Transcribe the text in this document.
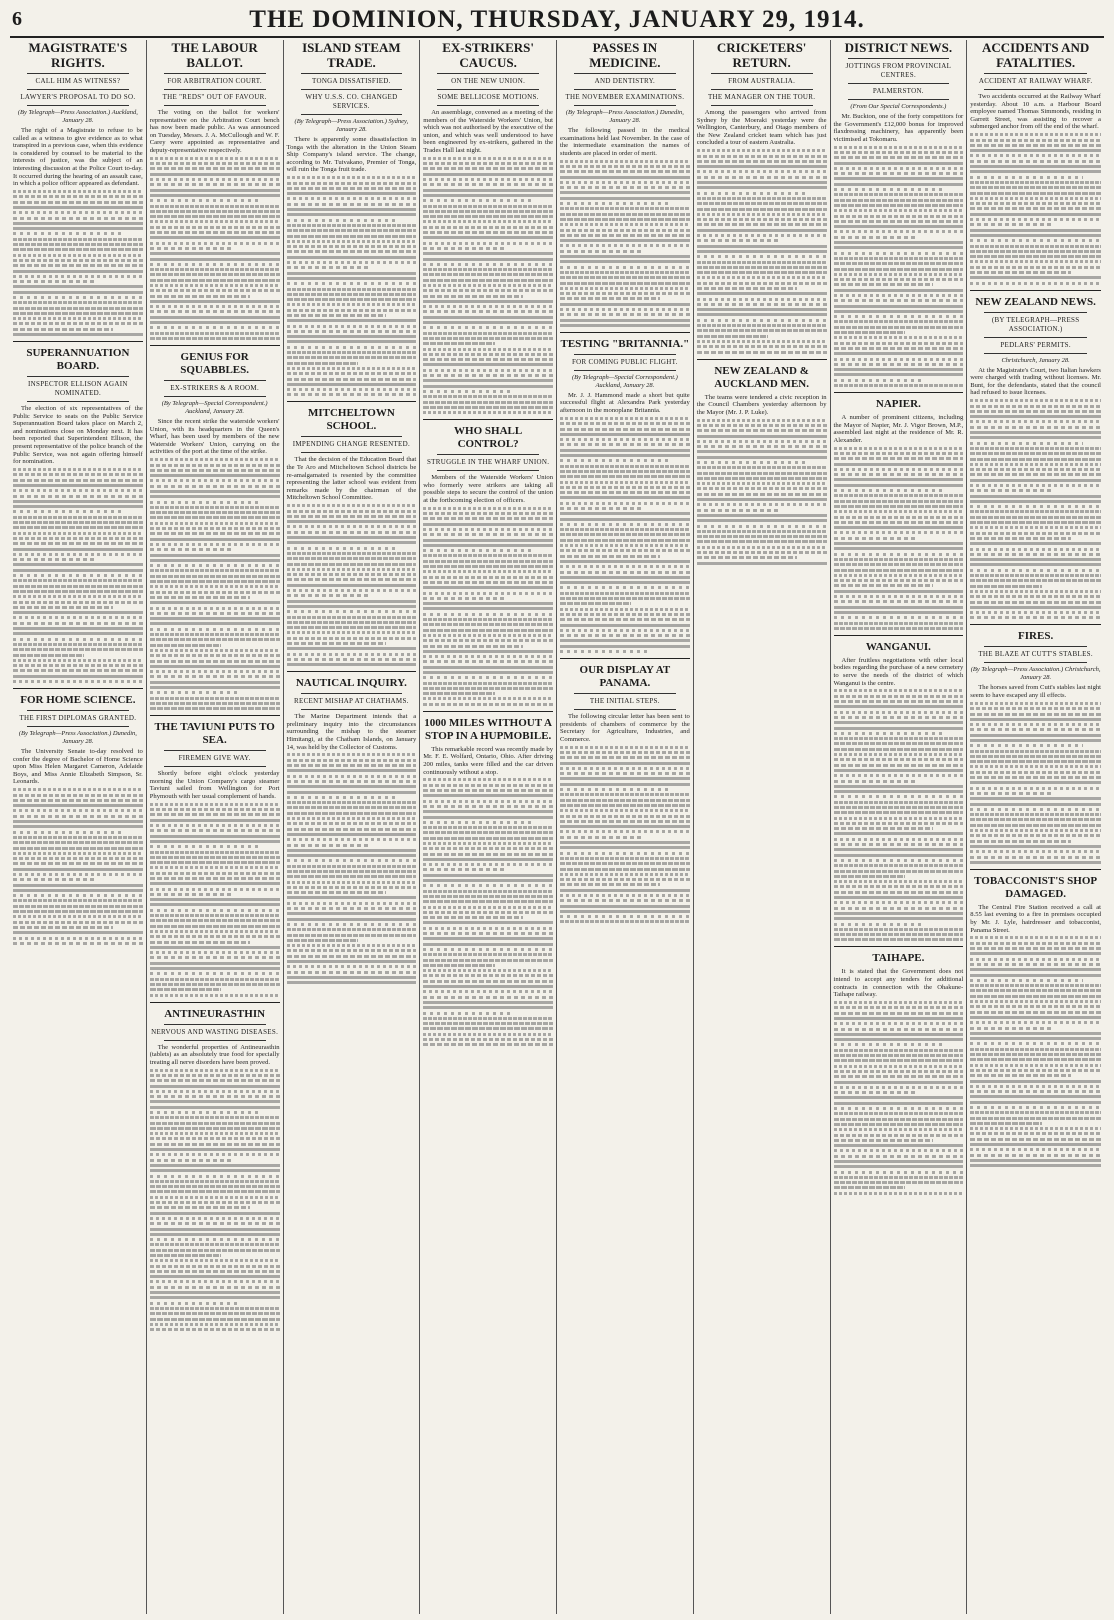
6	THE DOMINION, THURSDAY, JANUARY 29, 1914.
MAGISTRATE'S RIGHTS.
CALL HIM AS WITNESS?
LAWYER'S PROPOSAL TO DO SO.
(By Telegraph—Press Association.) Auckland, January 28.

The right of a Magistrate to refuse to be called as a witness to give evidence as to what transpired in a previous case, when this evidence is considered by counsel to be material to the interests of justice, was the subject of an interesting discussion at the Police Court to-day. It occurred during the hearing of an assault case, in which a police officer appeared as defendant.

SUPERANNUATION BOARD.
INSPECTOR ELLISON AGAIN NOMINATED.

The election of six representatives of the Public Service to seats on the Public Service Superannuation Board takes place on March 2, and nominations close on Monday next. It has been reported that Superintendent Ellison, the present representative of the police branch of the Public Service, was not again offering himself for nomination.

FOR HOME SCIENCE.
THE FIRST DIPLOMAS GRANTED.
(By Telegraph—Press Association.) Dunedin, January 28.

The University Senate to-day resolved to confer the degree of Bachelor of Home Science upon Miss Helen Margaret Cameron, Adelaide Boys, and Miss Annie Elizabeth Simpson, Sr. Leonards.

THE LABOUR BALLOT.
FOR ARBITRATION COURT.
THE "REDS" OUT OF FAVOUR.

The voting on the ballot for workers' representative on the Arbitration Court bench has now been made public. As was announced on Tuesday, Messrs. J. A. McCullough and W. F. Carey were appointed as representative and deputy-representative respectively.

GENIUS FOR SQUABBLES.
EX-STRIKERS & A ROOM.
(By Telegraph—Special Correspondent.) Auckland, January 28.

Since the recent strike the waterside workers' Union, with its headquarters in the Queen's Wharf, has been used by members of the new Waterside Workers' Union, carrying on the activities of the port at the time of the strike.

THE TAVIUNI PUTS TO SEA.
FIREMEN GIVE WAY.

Shortly before eight o'clock yesterday morning the Union Company's cargo steamer Taviuni sailed from Wellington for Port Phymouth with her usual complement of hands.

ANTINEURASTHIN
NERVOUS AND WASTING DISEASES.

The wonderful properties of Antineurasthin (tablets) as an absolutely true food for specially treating all nerve disorders have been proved.

ISLAND STEAM TRADE.
TONGA DISSATISFIED.
WHY U.S.S. CO. CHANGED SERVICES.
(By Telegraph—Press Association.) Sydney, January 28.

There is apparently some dissatisfaction in Tonga with the alteration in the Union Steam Ship Company's island service. The change, according to Mr. Tuivakano, Premier of Tonga, will ruin the Tonga fruit trade.

MITCHELTOWN SCHOOL.
IMPENDING CHANGE RESENTED.

That the decision of the Education Board that the Te Aro and Mitcheltown School districts be re-amalgamated is resented by the committee representing the latter school was evident from remarks made by the chairman of the Mitcheltown School Committee.

NAUTICAL INQUIRY.
RECENT MISHAP AT CHATHAMS.

The Marine Department intends that a preliminary inquiry into the circumstances surrounding the mishap to the steamer Himitangi, at the Chatham Islands, on January 14, was held by the Collector of Customs.

EX-STRIKERS' CAUCUS.
ON THE NEW UNION.
SOME BELLICOSE MOTIONS.

An assemblage, convened as a meeting of the members of the Waterside Workers' Union, but which was not authorised by the executive of the union, and which was well understood to have been engineered by ex-strikers, gathered in the Trades Hall last night.

WHO SHALL CONTROL?
STRUGGLE IN THE WHARF UNION.

Members of the Waterside Workers' Union who formerly were strikers are taking all possible steps to secure the control of the union at the forthcoming election of officers.

1000 MILES WITHOUT A STOP IN A HUPMOBILE.

This remarkable record was recently made by Mr. F. E. Wolfard, Ontario, Ohio. After driving 200 miles, tanks were filled and the car driven continuously without a stop.

PASSES IN MEDICINE.
AND DENTISTRY.
THE NOVEMBER EXAMINATIONS.
(By Telegraph—Press Association.) Dunedin, January 28.

The following passed in the medical examinations held last November. In the case of the intermediate examination the names of students are placed in order of merit.

TESTING "BRITANNIA."
FOR COMING PUBLIC FLIGHT.
(By Telegraph—Special Correspondent.) Auckland, January 28.

Mr. J. J. Hammond made a short but quite successful flight at Alexandra Park yesterday afternoon in the monoplane Britannia.

OUR DISPLAY AT PANAMA.
THE INITIAL STEPS.

The following circular letter has been sent to presidents of chambers of commerce by the Secretary for Agriculture, Industries, and Commerce.

CRICKETERS' RETURN.
FROM AUSTRALIA.
THE MANAGER ON THE TOUR.

Among the passengers who arrived from Sydney by the Moeraki yesterday were the Wellington, Canterbury, and Otago members of the New Zealand cricket team which has just concluded a tour of eastern Australia.

NEW ZEALAND & AUCKLAND MEN.

The teams were tendered a civic reception in the Council Chambers yesterday afternoon by the Mayor (Mr. J. P. Luke).

DISTRICT NEWS.
JOTTINGS FROM PROVINCIAL CENTRES.
PALMERSTON.
(From Our Special Correspondents.)

Mr. Buckton, one of the forty competitors for the Government's £12,000 bonus for improved flaxdressing machinery, has apparently been victimised at Tokomaru.

NAPIER.

A number of prominent citizens, including the Mayor of Napier, Mr. J. Vigor Brown, M.P., assembled last night at the residence of Mr. R. Alexander.

WANGANUI.

After fruitless negotiations with other local bodies regarding the purchase of a new cemetery to serve the needs of the district of which Wanganui is the centre.

TAIHAPE.

It is stated that the Government does not intend to accept any tenders for additional contracts in connection with the Ohakune-Taihape railway.

ACCIDENTS AND FATALITIES.
ACCIDENT AT RAILWAY WHARF.

Two accidents occurred at the Railway Wharf yesterday. About 10 a.m. a Harbour Board employee named Thomas Simmonds, residing in Garrett Street, was assisting to recover a submerged anchor from off the end of the wharf.

NEW ZEALAND NEWS.
(BY TELEGRAPH—PRESS ASSOCIATION.)
PEDLARS' PERMITS.
Christchurch, January 28.

At the Magistrate's Court, two Italian hawkers were charged with trading without licenses. Mr. Bunt, for the defendants, stated that the council had refused to issue licenses.

FIRES.
THE BLAZE AT CUTT'S STABLES.
(By Telegraph—Press Association.) Christchurch, January 28.

The horses saved from Cutt's stables last night seem to have escaped any ill effects.

TOBACCONIST'S SHOP DAMAGED.

The Central Fire Station received a call at 8.55 last evening to a fire in premises occupied by Mr. J. Lyle, hairdresser and tobacconist, Panama Street.
